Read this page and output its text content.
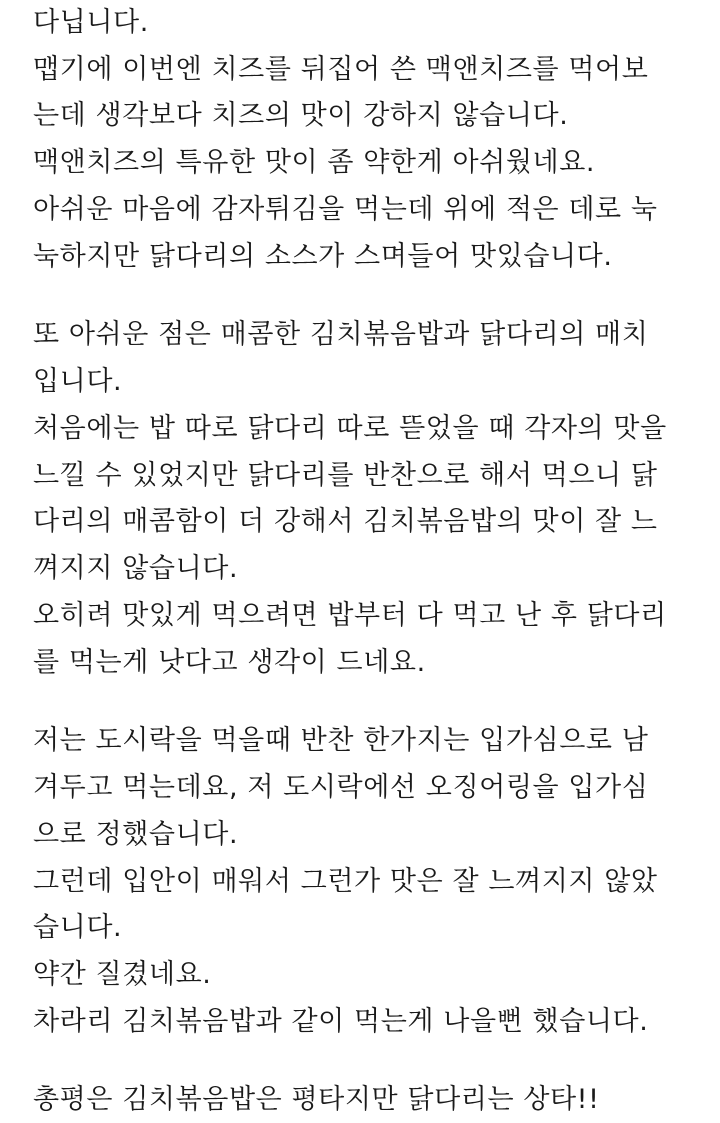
다닙니다.
맵기에 이번엔 치즈를 뒤집어 쓴 맥앤치즈를 먹어보
는데 생각보다 치즈의 맛이 강하지 않습니다.
맥앤치즈의 특유한 맛이 좀 약한게 아쉬웠네요.
아쉬운 마음에 감자튀김을 먹는데 위에 적은 데로 눅
눅하지만 닭다리의 소스가 스며들어 맛있습니다.
또 아쉬운 점은 매콤한 김치볶음밥과 닭다리의 매치
입니다.
처음에는 밥 따로 닭다리 따로 뜯었을 때 각자의 맛을
느낄 수 있었지만 닭다리를 반찬으로 해서 먹으니 닭
다리의 매콤함이 더 강해서 김치볶음밥의 맛이 잘 느
껴지지 않습니다.
오히려 맛있게 먹으려면 밥부터 다 먹고 난 후 닭다리
를 먹는게 낫다고 생각이 드네요.
저는 도시락을 먹을때 반찬 한가지는 입가심으로 남
겨두고 먹는데요, 저 도시락에선 오징어링을 입가심
으로 정했습니다.
그런데 입안이 매워서 그런가 맛은 잘 느껴지지 않았
습니다.
약간 질겼네요.
차라리 김치볶음밥과 같이 먹는게 나을뻔 했습니다.
총평은 김치볶음밥은 평타지만 닭다리는 상타!!
